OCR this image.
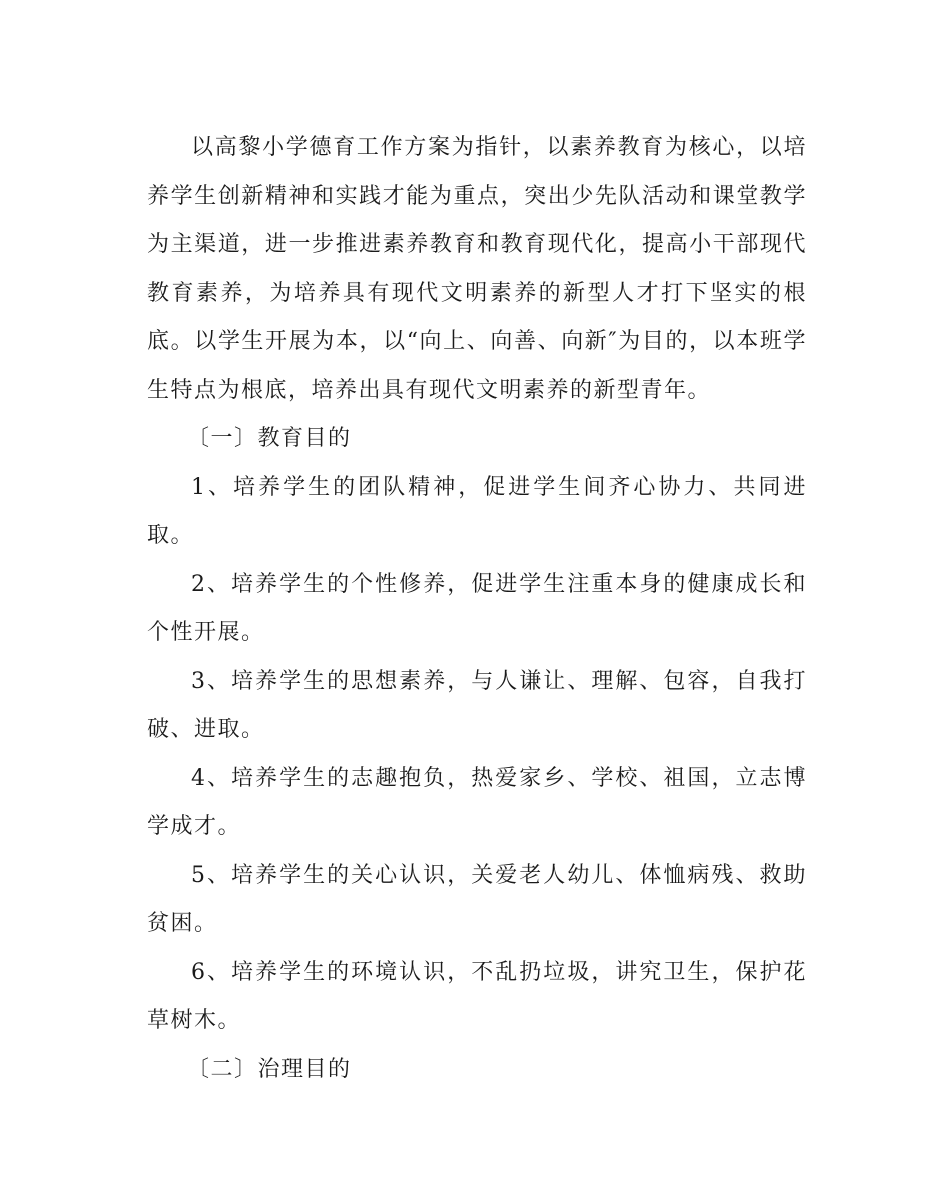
以高黎小学德育工作方案为指针，以素养教育为核心，以培养学生创新精神和实践才能为重点，突出少先队活动和课堂教学为主渠道，进一步推进素养教育和教育现代化，提高小干部现代教育素养，为培养具有现代文明素养的新型人才打下坚实的根底。以学生开展为本，以“向上、向善、向新″为目的，以本班学生特点为根底，培养出具有现代文明素养的新型青年。

〔一〕教育目的

1、培养学生的团队精神，促进学生间齐心协力、共同进取。

2、培养学生的个性修养，促进学生注重本身的健康成长和个性开展。

3、培养学生的思想素养，与人谦让、理解、包容，自我打破、进取。

4、培养学生的志趣抱负，热爱家乡、学校、祖国，立志博学成才。

5、培养学生的关心认识，关爱老人幼儿、体恤病残、救助贫困。

6、培养学生的环境认识，不乱扔垃圾，讲究卫生，保护花草树木。

〔二〕治理目的
